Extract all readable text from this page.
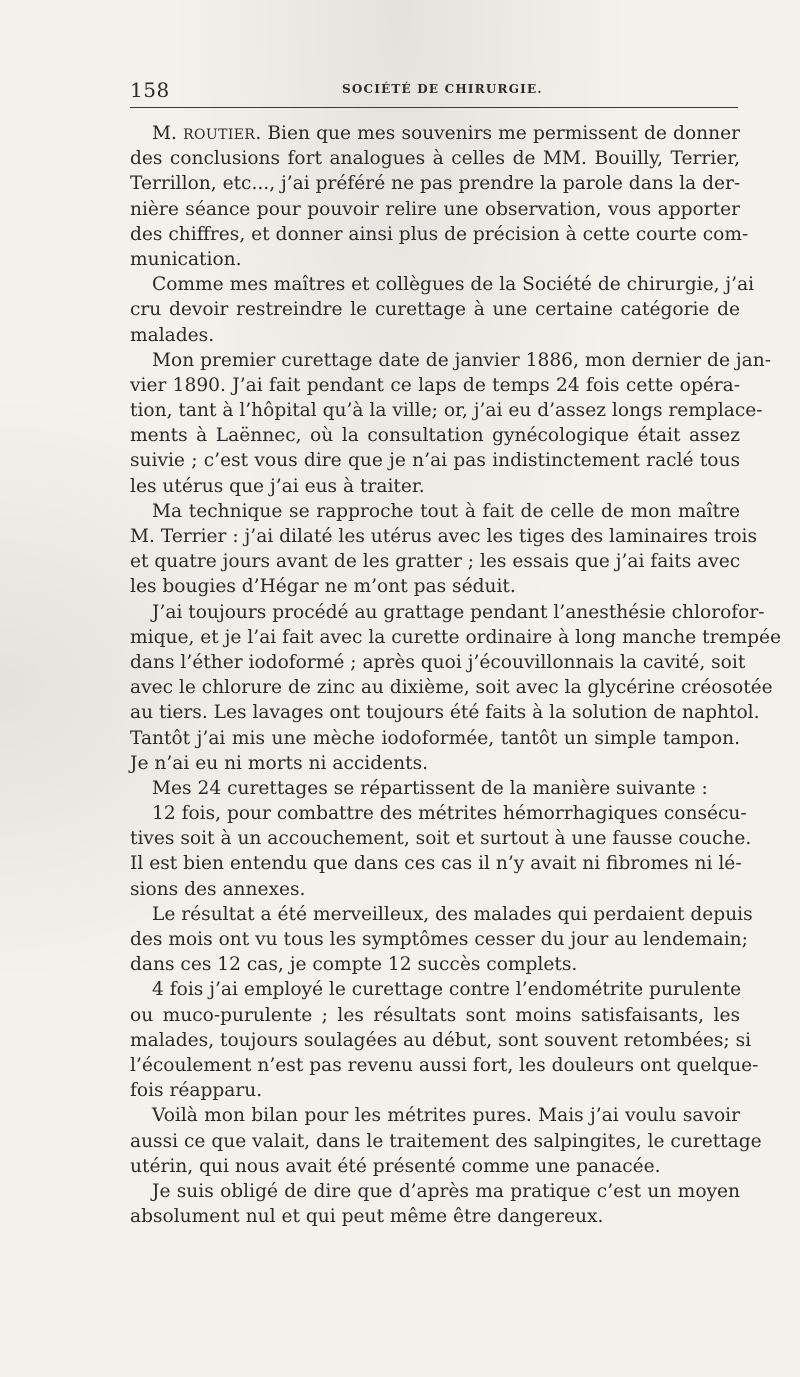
158	SOCIÉTÉ DE CHIRURGIE.
M. ROUTIER. Bien que mes souvenirs me permissent de donner
des conclusions fort analogues à celles de MM. Bouilly, Terrier,
Terrillon, etc..., j’ai préféré ne pas prendre la parole dans la der-
nière séance pour pouvoir relire une observation, vous apporter
des chiffres, et donner ainsi plus de précision à cette courte com-
munication.
Comme mes maîtres et collègues de la Société de chirurgie, j’ai
cru devoir restreindre le curettage à une certaine catégorie de
malades.
Mon premier curettage date de janvier 1886, mon dernier de jan-
vier 1890. J’ai fait pendant ce laps de temps 24 fois cette opéra-
tion, tant à l’hôpital qu’à la ville; or, j’ai eu d’assez longs remplace-
ments à Laënnec, où la consultation gynécologique était assez
suivie ; c’est vous dire que je n’ai pas indistinctement raclé tous
les utérus que j’ai eus à traiter.
Ma technique se rapproche tout à fait de celle de mon maître
M. Terrier : j’ai dilaté les utérus avec les tiges des laminaires trois
et quatre jours avant de les gratter ; les essais que j’ai faits avec
les bougies d’Hégar ne m’ont pas séduit.
J’ai toujours procédé au grattage pendant l’anesthésie chlorofor-
mique, et je l’ai fait avec la curette ordinaire à long manche trempée
dans l’éther iodoformé ; après quoi j’écouvillonnais la cavité, soit
avec le chlorure de zinc au dixième, soit avec la glycérine créosotée
au tiers. Les lavages ont toujours été faits à la solution de naphtol.
Tantôt j’ai mis une mèche iodoformée, tantôt un simple tampon.
Je n’ai eu ni morts ni accidents.
Mes 24 curettages se répartissent de la manière suivante :
12 fois, pour combattre des métrites hémorrhagiques consécu-
tives soit à un accouchement, soit et surtout à une fausse couche.
Il est bien entendu que dans ces cas il n’y avait ni fibromes ni lé-
sions des annexes.
Le résultat a été merveilleux, des malades qui perdaient depuis
des mois ont vu tous les symptômes cesser du jour au lendemain;
dans ces 12 cas, je compte 12 succès complets.
4 fois j’ai employé le curettage contre l’endométrite purulente
ou muco-purulente ; les résultats sont moins satisfaisants, les
malades, toujours soulagées au début, sont souvent retombées; si
l’écoulement n’est pas revenu aussi fort, les douleurs ont quelque-
fois réapparu.
Voilà mon bilan pour les métrites pures. Mais j’ai voulu savoir
aussi ce que valait, dans le traitement des salpingites, le curettage
utérin, qui nous avait été présenté comme une panacée.
Je suis obligé de dire que d’après ma pratique c’est un moyen
absolument nul et qui peut même être dangereux.
